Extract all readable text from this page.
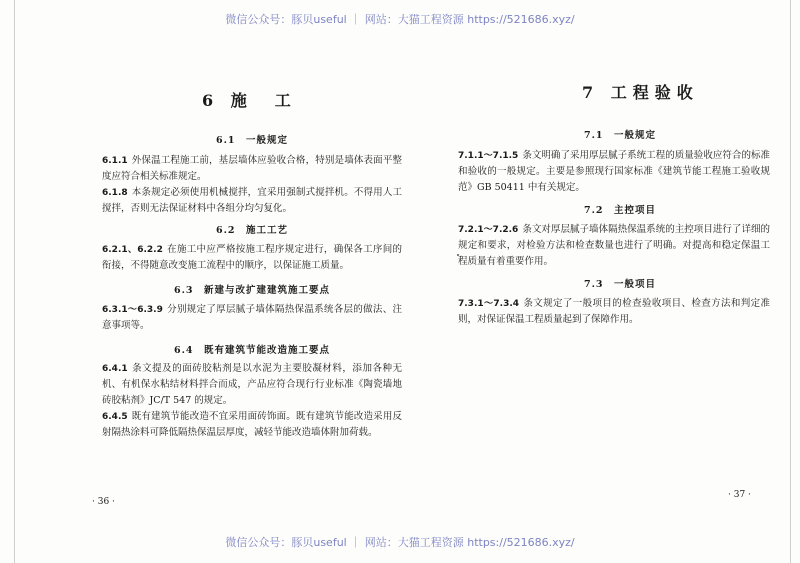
微信公众号：豚贝useful ｜ 网站：大猫工程资源 https://521686.xyz/
6 施　工
6.1　一般规定
6.1.1 外保温工程施工前，基层墙体应验收合格，特别是墙体表面平整度应符合相关标准规定。
6.1.8 本条规定必须使用机械搅拌，宜采用强制式搅拌机。不得用人工搅拌，否则无法保证材料中各组分均匀复化。
6.2　施工工艺
6.2.1、6.2.2 在施工中应严格按施工程序规定进行，确保各工序间的衔接，不得随意改变施工流程中的顺序，以保证施工质量。
6.3　新建与改扩建建筑施工要点
6.3.1～6.3.9 分别规定了厚层腻子墙体隔热保温系统各层的做法、注意事项等。
6.4　既有建筑节能改造施工要点
6.4.1 条文提及的面砖胶粘剂是以水泥为主要胶凝材料，添加各种无机、有机保水粘结材料拌合而成，产品应符合现行行业标准《陶瓷墙地砖胶粘剂》JC/T 547 的规定。
6.4.5 既有建筑节能改造不宜采用面砖饰面。既有建筑节能改造采用反射隔热涂料可降低隔热保温层厚度，减轻节能改造墙体附加荷载。
· 36 ·
7 工程验收
7.1　一般规定
7.1.1～7.1.5 条文明确了采用厚层腻子系统工程的质量验收应符合的标准和验收的一般规定。主要是参照现行国家标准《建筑节能工程施工验收规范》GB 50411 中有关规定。
7.2　主控项目
7.2.1～7.2.6 条文对厚层腻子墙体隔热保温系统的主控项目进行了详细的规定和要求，对检验方法和检查数量也进行了明确。对提高和稳定保温工程质量有着重要作用。
7.3　一般项目
7.3.1～7.3.4 条文规定了一般项目的检查验收项目、检查方法和判定准则，对保证保温工程质量起到了保障作用。
· 37 ·
微信公众号：豚贝useful ｜ 网站：大猫工程资源 https://521686.xyz/
